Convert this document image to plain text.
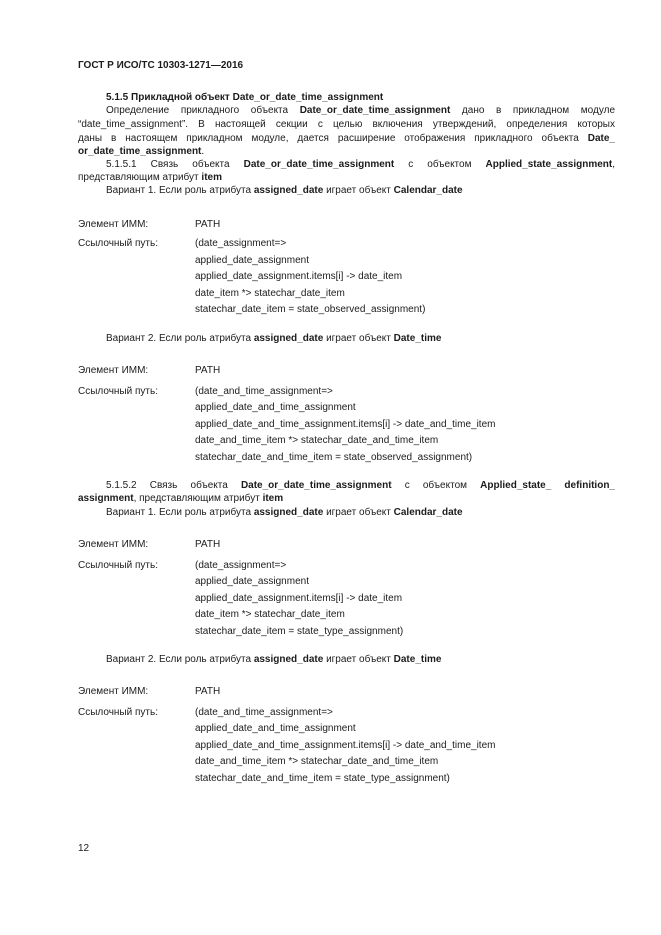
ГОСТ Р ИСО/ТС 10303-1271—2016
5.1.5 Прикладной объект Date_or_date_time_assignment
Определение прикладного объекта Date_or_date_time_assignment дано в прикладном модуле
“date_time_assignment”. В настоящей секции с целью включения утверждений, определения которых
даны в настоящем прикладном модуле, дается расширение отображения прикладного объекта Date_
or_date_time_assignment.
5.1.5.1 Связь объекта Date_or_date_time_assignment с объектом Applied_state_assignment,
представляющим атрибут item
Вариант 1. Если роль атрибута assigned_date играет объект Calendar_date
Элемент ИММ:	PATH
Ссылочный путь:	(date_assignment=>
applied_date_assignment
applied_date_assignment.items[i] -> date_item
date_item *> statechar_date_item
statechar_date_item = state_observed_assignment)
Вариант 2. Если роль атрибута assigned_date играет объект Date_time
Элемент ИММ:	PATH
Ссылочный путь:	(date_and_time_assignment=>
applied_date_and_time_assignment
applied_date_and_time_assignment.items[i] -> date_and_time_item
date_and_time_item *> statechar_date_and_time_item
statechar_date_and_time_item = state_observed_assignment)
5.1.5.2 Связь объекта Date_or_date_time_assignment с объектом Applied_state_ definition_
assignment, представляющим атрибут item
Вариант 1. Если роль атрибута assigned_date играет объект Calendar_date
Элемент ИММ:	PATH
Ссылочный путь:	(date_assignment=>
applied_date_assignment
applied_date_assignment.items[i] -> date_item
date_item *> statechar_date_item
statechar_date_item = state_type_assignment)
Вариант 2. Если роль атрибута assigned_date играет объект Date_time
Элемент ИММ:	PATH
Ссылочный путь:	(date_and_time_assignment=>
applied_date_and_time_assignment
applied_date_and_time_assignment.items[i] -> date_and_time_item
date_and_time_item *> statechar_date_and_time_item
statechar_date_and_time_item = state_type_assignment)
12
